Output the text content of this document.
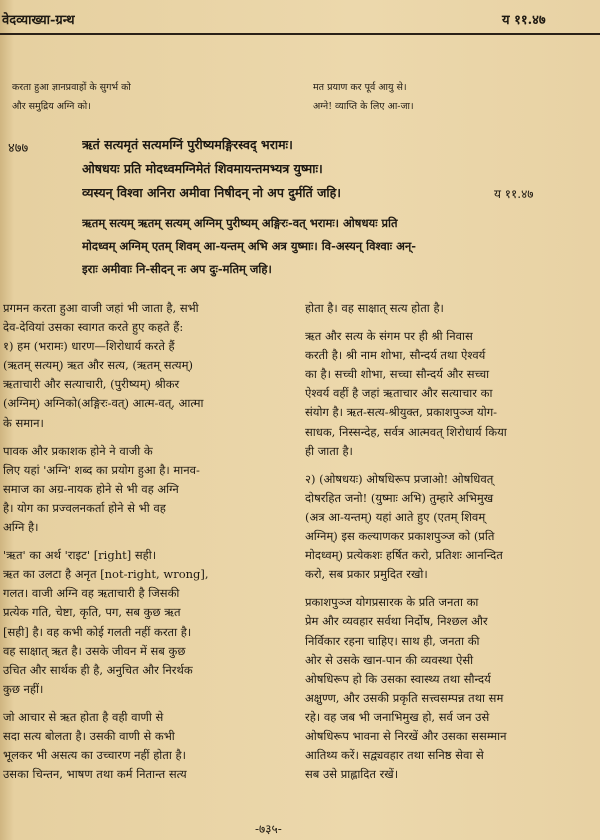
वेदव्याख्या-ग्रन्थ	य ११.४७
करता हुआ ज्ञानप्रवाहों के सुगर्भ को
और समुद्रिय अग्नि को।
मत प्रयाण कर पूर्व आयु से।
अग्ने! व्याप्ति के लिए आ-जा।
४७७	ऋतं सत्यमृतं सत्यमग्निं पुरीष्यमङ्गिरस्वद् भरामः।
ओषधयः प्रति मोदध्वमग्निमेतं शिवमायन्तमभ्यत्र युष्माः।
व्यस्यन् विश्वा अनिरा अमीवा निषीदन् नो अप दुर्मतिं जहि।	य ११.४७
ऋतम् सत्यम् ऋतम् सत्यम् अग्निम् पुरीष्यम् अङ्गिरः-वत् भरामः। ओषधयः प्रति
मोदध्वम् अग्निम् एतम् शिवम् आ-यन्तम् अभि अत्र युष्माः। वि-अस्यन् विश्वाः अन्-
इराः अमीवाः नि-सीदन् नः अप दुः-मतिम् जहि।

प्रगमन करता हुआ वाजी जहां भी जाता है, सभी
देव-देवियां उसका स्वागत करते हुए कहते हैं:
१) हम (भरामः) धारण—शिरोधार्य करते हैं
(ऋतम् सत्यम्) ऋत और सत्य, (ऋतम् सत्यम्)
ऋताचारी और सत्याचारी, (पुरीष्यम्) श्रीकर
(अग्निम्) अग्निको(अङ्गिरः-वत्) आत्म-वत्, आत्मा
के समान।

पावक और प्रकाशक होने ने वाजी के
लिए यहां 'अग्नि' शब्द का प्रयोग हुआ है। मानव-
समाज का अग्र-नायक होने से भी वह अग्नि
है। योग का प्रज्वलनकर्ता होने से भी वह
अग्नि है।

'ऋत' का अर्थ 'राइट' [right] सही।
ऋत का उलटा है अनृत [not-right, wrong],
गलत। वाजी अग्नि वह ऋताचारी है जिसकी
प्रत्येक गति, चेष्टा, कृति, पग, सब कुछ ऋत
[सही] है। वह कभी कोई गलती नहीं करता है।
वह साक्षात् ऋत है। उसके जीवन में सब कुछ
उचित और सार्थक ही है, अनुचित और निरर्थक
कुछ नहीं।

जो आचार से ऋत होता है वही वाणी से
सदा सत्य बोलता है। उसकी वाणी से कभी
भूलकर भी असत्य का उच्चारण नहीं होता है।
उसका चिन्तन, भाषण तथा कर्म नितान्त सत्य

होता है। वह साक्षात् सत्य होता है।

ऋत और सत्य के संगम पर ही श्री निवास
करती है। श्री नाम शोभा, सौन्दर्य तथा ऐश्वर्य
का है। सच्ची शोभा, सच्चा सौन्दर्य और सच्चा
ऐश्वर्य वहीं है जहां ऋताचार और सत्याचार का
संयोग है। ऋत-सत्य-श्रीयुक्त, प्रकाशपुञ्ज योग-
साधक, निस्सन्देह, सर्वत्र आत्मवत् शिरोधार्य किया
ही जाता है।

२) (ओषधयः) ओषधिरूप प्रजाओ! ओषधिवत्
दोषरहित जनो! (युष्माः अभि) तुम्हारे अभिमुख
(अत्र आ-यन्तम्) यहां आते हुए (एतम् शिवम्
अग्निम्) इस कल्याणकर प्रकाशपुञ्ज को (प्रति
मोदध्वम्) प्रत्येकशः हर्षित करो, प्रतिशः आनन्दित
करो, सब प्रकार प्रमुदित रखो।

प्रकाशपुञ्ज योगप्रसारक के प्रति जनता का
प्रेम और व्यवहार सर्वथा निर्दोष, निश्छल और
निर्विकार रहना चाहिए। साथ ही, जनता की
ओर से उसके खान-पान की व्यवस्था ऐसी
ओषधिरूप हो कि उसका स्वास्थ्य तथा सौन्दर्य
अक्षुण्ण, और उसकी प्रकृति सत्त्वसम्पन्न तथा सम
रहे। वह जब भी जनाभिमुख हो, सर्व जन उसे
ओषधिरूप भावना से निरखें और उसका ससम्मान
आतिथ्य करें। सद्व्यवहार तथा सनिष्ठ सेवा से
सब उसे प्राह्लादित रखें।

-७३५-
